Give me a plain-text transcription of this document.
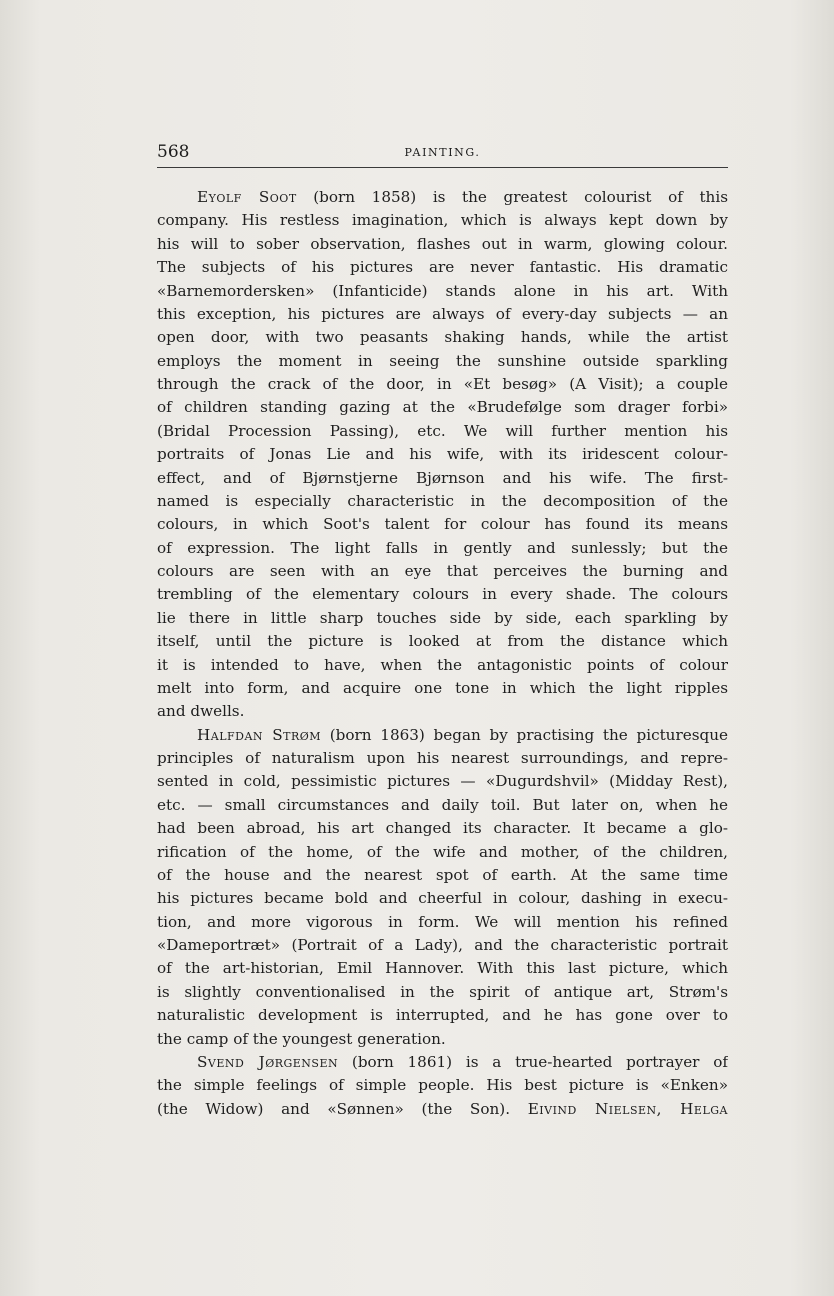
568	PAINTING.
Eyolf Soot (born 1858) is the greatest colourist of this
company. His restless imagination, which is always kept down by
his will to sober observation, flashes out in warm, glowing colour.
The subjects of his pictures are never fantastic. His dramatic
«Barnemordersken» (Infanticide) stands alone in his art. With
this exception, his pictures are always of every-day subjects — an
open door, with two peasants shaking hands, while the artist
employs the moment in seeing the sunshine outside sparkling
through the crack of the door, in «Et besøg» (A Visit); a couple
of children standing gazing at the «Brudefølge som drager forbi»
(Bridal Procession Passing), etc. We will further mention his
portraits of Jonas Lie and his wife, with its iridescent colour-
effect, and of Bjørnstjerne Bjørnson and his wife. The first-
named is especially characteristic in the decomposition of the
colours, in which Soot's talent for colour has found its means
of expression. The light falls in gently and sunlessly; but the
colours are seen with an eye that perceives the burning and
trembling of the elementary colours in every shade. The colours
lie there in little sharp touches side by side, each sparkling by
itself, until the picture is looked at from the distance which
it is intended to have, when the antagonistic points of colour
melt into form, and acquire one tone in which the light ripples
and dwells.
Halfdan Strøm (born 1863) began by practising the picturesque
principles of naturalism upon his nearest surroundings, and repre-
sented in cold, pessimistic pictures — «Dugurdshvil» (Midday Rest),
etc. — small circumstances and daily toil. But later on, when he
had been abroad, his art changed its character. It became a glo-
rification of the home, of the wife and mother, of the children,
of the house and the nearest spot of earth. At the same time
his pictures became bold and cheerful in colour, dashing in execu-
tion, and more vigorous in form. We will mention his refined
«Dameportræt» (Portrait of a Lady), and the characteristic portrait
of the art-historian, Emil Hannover. With this last picture, which
is slightly conventionalised in the spirit of antique art, Strøm's
naturalistic development is interrupted, and he has gone over to
the camp of the youngest generation.
Svend Jørgensen (born 1861) is a true-hearted portrayer of
the simple feelings of simple people. His best picture is «Enken»
(the Widow) and «Sønnen» (the Son). Eivind Nielsen, Helga
